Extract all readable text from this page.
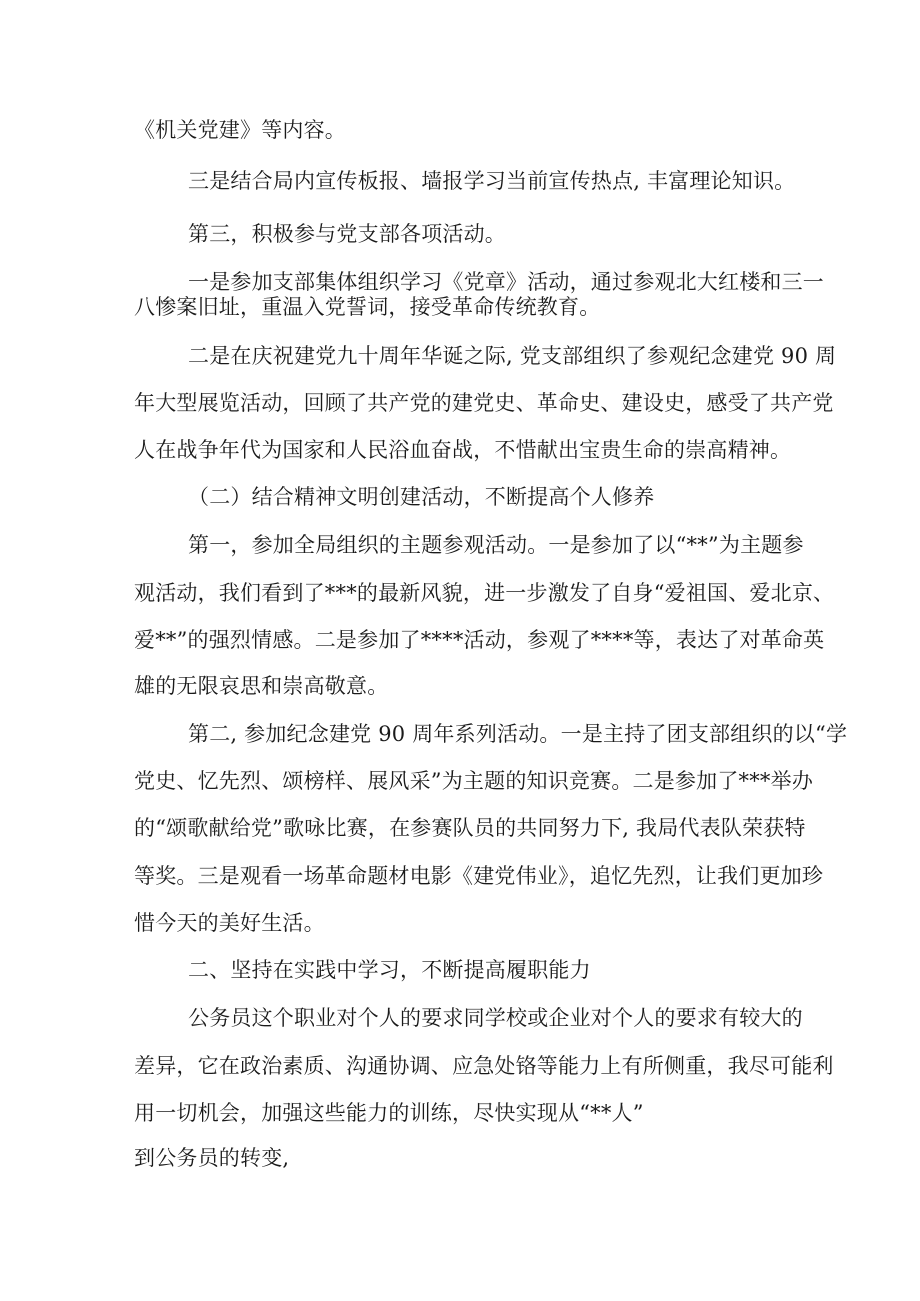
《机关党建》等内容。

三是结合局内宣传板报、墙报学习当前宣传热点, 丰富理论知识。

第三，积极参与党支部各项活动。

一是参加支部集体组织学习《党章》活动，通过参观北大红楼和三一

八惨案旧址，重温入党誓词，接受革命传统教育。

二是在庆祝建党九十周年华诞之际, 党支部组织了参观纪念建党 90 周

年大型展览活动，回顾了共产党的建党史、革命史、建设史，感受了共产党

人在战争年代为国家和人民浴血奋战，不惜献出宝贵生命的崇高精神。

（二）结合精神文明创建活动，不断提高个人修养

第一，参加全局组织的主题参观活动。一是参加了以“**”为主题参

观活动，我们看到了***的最新风貌，进一步激发了自身“爱祖国、爱北京、

爱**”的强烈情感。二是参加了****活动，参观了****等，表达了对革命英

雄的无限哀思和崇高敬意。

第二, 参加纪念建党 90 周年系列活动。一是主持了团支部组织的以“学

党史、忆先烈、颂榜样、展风采”为主题的知识竞赛。二是参加了***举办

的“颂歌献给党”歌咏比赛，在参赛队员的共同努力下, 我局代表队荣获特

等奖。三是观看一场革命题材电影《建党伟业》，追忆先烈，让我们更加珍

惜今天的美好生活。

二、坚持在实践中学习，不断提高履职能力

公务员这个职业对个人的要求同学校或企业对个人的要求有较大的

差异，它在政治素质、沟通协调、应急处铬等能力上有所侧重，我尽可能利

用一切机会，加强这些能力的训练，尽快实现从“**人”

到公务员的转变,
